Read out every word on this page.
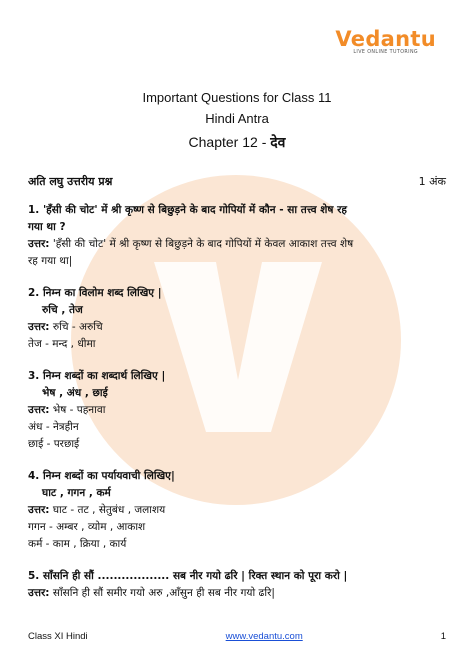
Vedantu
LIVE ONLINE TUTORING
Important Questions for Class 11
Hindi Antra
Chapter 12 - देव
अति लघु उत्तरीय प्रश्न	1 अंक
1. 'हँसी की चोट' में श्री कृष्ण से बिछुड़ने के बाद गोपियों में कौन - सा तत्त्व शेष रह
गया था ?
उत्तर: 'हँसी की चोट' में श्री कृष्ण से बिछुड़ने के बाद गोपियों में केवल आकाश तत्त्व शेष
रह गया था|
2. निम्न का विलोम शब्द लिखिए |
रुचि , तेज
उत्तर: रुचि - अरुचि
तेज - मन्द , धीमा
3. निम्न शब्दों का शब्दार्थ लिखिए |
भेष , अंध , छाई
उत्तर: भेष - पहनावा
अंध - नेत्रहीन
छाई - परछाई
4. निम्न शब्दों का पर्यायवाची लिखिए|
घाट , गगन , कर्म
उत्तर: घाट - तट , सेतुबंध , जलाशय
गगन - अम्बर , व्योम , आकाश
कर्म - काम , क्रिया , कार्य
5. साँसनि ही सौं .................. सब नीर गयो ढरि | रिक्त स्थान को पूरा करो |
उत्तर: साँसनि ही सौं समीर गयो अरु ,आँसुन ही सब नीर गयो ढरि|
Class XI Hindi	www.vedantu.com	1
